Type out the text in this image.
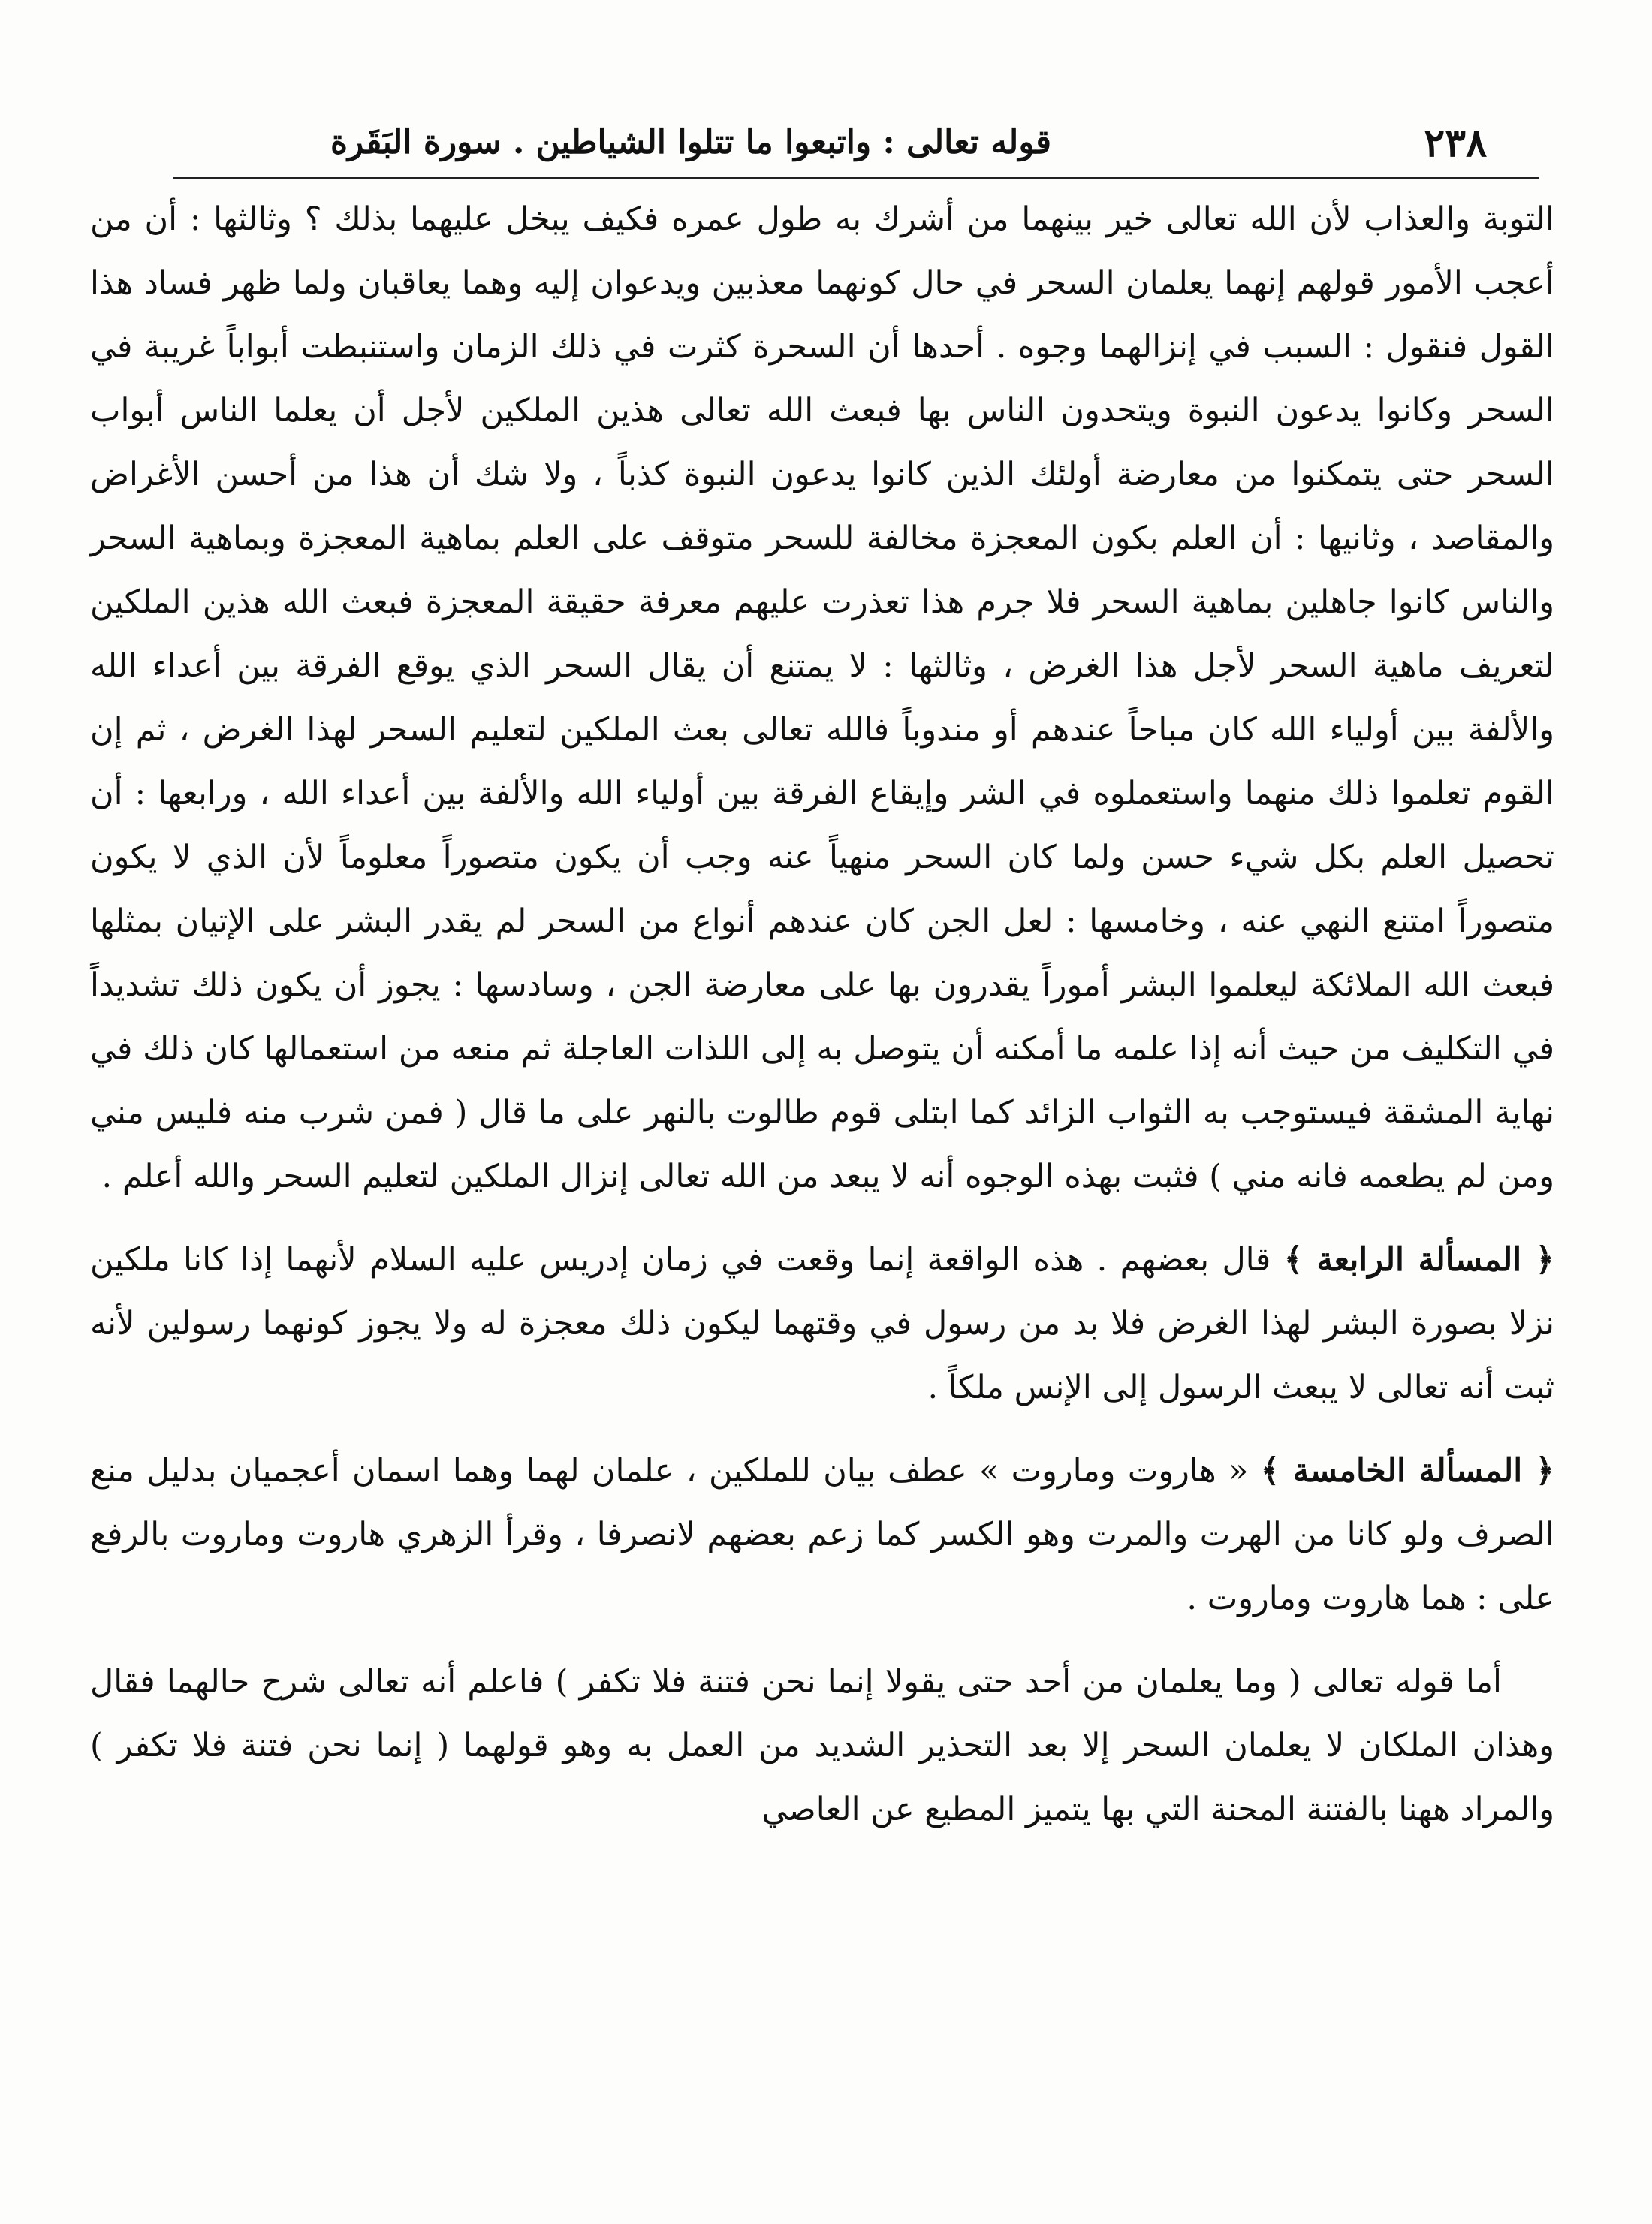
٢٣٨
قوله تعالى : واتبعوا ما تتلوا الشياطين . سورة البَقَرة

التوبة والعذاب لأن الله تعالى خير بينهما من أشرك به طول عمره فكيف يبخل عليهما بذلك ؟ وثالثها : أن من أعجب الأمور قولهم إنهما يعلمان السحر في حال كونهما معذبين ويدعوان إليه وهما يعاقبان ولما ظهر فساد هذا القول فنقول : السبب في إنزالهما وجوه . أحدها أن السحرة كثرت في ذلك الزمان واستنبطت أبواباً غريبة في السحر وكانوا يدعون النبوة ويتحدون الناس بها فبعث الله تعالى هذين الملكين لأجل أن يعلما الناس أبواب السحر حتى يتمكنوا من معارضة أولئك الذين كانوا يدعون النبوة كذباً ، ولا شك أن هذا من أحسن الأغراض والمقاصد ، وثانيها : أن العلم بكون المعجزة مخالفة للسحر متوقف على العلم بماهية المعجزة وبماهية السحر والناس كانوا جاهلين بماهية السحر فلا جرم هذا تعذرت عليهم معرفة حقيقة المعجزة فبعث الله هذين الملكين لتعريف ماهية السحر لأجل هذا الغرض ، وثالثها : لا يمتنع أن يقال السحر الذي يوقع الفرقة بين أعداء الله والألفة بين أولياء الله كان مباحاً عندهم أو مندوباً فالله تعالى بعث الملكين لتعليم السحر لهذا الغرض ، ثم إن القوم تعلموا ذلك منهما واستعملوه في الشر وإيقاع الفرقة بين أولياء الله والألفة بين أعداء الله ، ورابعها : أن تحصيل العلم بكل شيء حسن ولما كان السحر منهياً عنه وجب أن يكون متصوراً معلوماً لأن الذي لا يكون متصوراً امتنع النهي عنه ، وخامسها : لعل الجن كان عندهم أنواع من السحر لم يقدر البشر على الإتيان بمثلها فبعث الله الملائكة ليعلموا البشر أموراً يقدرون بها على معارضة الجن ، وسادسها : يجوز أن يكون ذلك تشديداً في التكليف من حيث أنه إذا علمه ما أمكنه أن يتوصل به إلى اللذات العاجلة ثم منعه من استعمالها كان ذلك في نهاية المشقة فيستوجب به الثواب الزائد كما ابتلى قوم طالوت بالنهر على ما قال ( فمن شرب منه فليس مني ومن لم يطعمه فانه مني ) فثبت بهذه الوجوه أنه لا يبعد من الله تعالى إنزال الملكين لتعليم السحر والله أعلم .

﴿ المسألة الرابعة ﴾ قال بعضهم . هذه الواقعة إنما وقعت في زمان إدريس عليه السلام لأنهما إذا كانا ملكين نزلا بصورة البشر لهذا الغرض فلا بد من رسول في وقتهما ليكون ذلك معجزة له ولا يجوز كونهما رسولين لأنه ثبت أنه تعالى لا يبعث الرسول إلى الإنس ملكاً .

﴿ المسألة الخامسة ﴾ « هاروت وماروت » عطف بيان للملكين ، علمان لهما وهما اسمان أعجميان بدليل منع الصرف ولو كانا من الهرت والمرت وهو الكسر كما زعم بعضهم لانصرفا ، وقرأ الزهري هاروت وماروت بالرفع على : هما هاروت وماروت .

أما قوله تعالى ( وما يعلمان من أحد حتى يقولا إنما نحن فتنة فلا تكفر ) فاعلم أنه تعالى شرح حالهما فقال وهذان الملكان لا يعلمان السحر إلا بعد التحذير الشديد من العمل به وهو قولهما ( إنما نحن فتنة فلا تكفر ) والمراد ههنا بالفتنة المحنة التي بها يتميز المطيع عن العاصي
